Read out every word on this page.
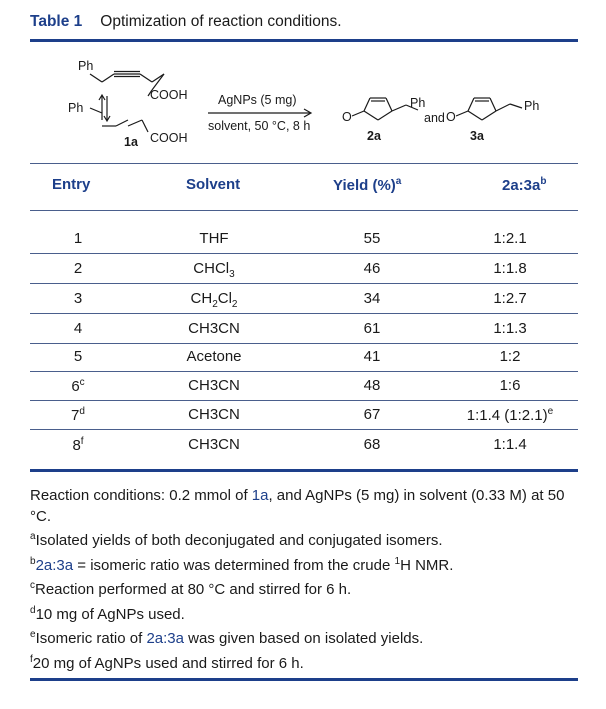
Table 1 Optimization of reaction conditions.
Ph
COOH
Ph
COOH
1a
AgNPs (5 mg)
solvent, 50 °C, 8 h
O
Ph
2a
and O
Ph
3a
Entry	Solvent	Yield (%)$^a$	$2a:3a^b$
1	THF	55	1:2.1
2	CHCl$_3$	46	1:1.8
3	$CH_2Cl_2$	34	1:2.7
4	CH3CN	61	1:1.3
5	Acetone	41	1:2
6$^c$	CH3CN	48	1:6
7$^d$	CH3CN	67	1:1.4 (1:2.1)$^e$
8$^f$	CH3CN	68	1:1.4

Reaction conditions: 0.2 mmol of 1a, and AgNPs (5 mg) in solvent (0.33 M) at 50 °C.

$^a$Isolated yields of both deconjugated and conjugated isomers.

$^b$2a:3a = isomeric ratio was determined from the crude $^1$H NMR.

$^c$Reaction performed at 80 °C and stirred for 6 h.

$^d$10 mg of AgNPs used.

$^e$Isomeric ratio of 2a:3a was given based on isolated yields.

$^f$20 mg of AgNPs used and stirred for 6 h.
